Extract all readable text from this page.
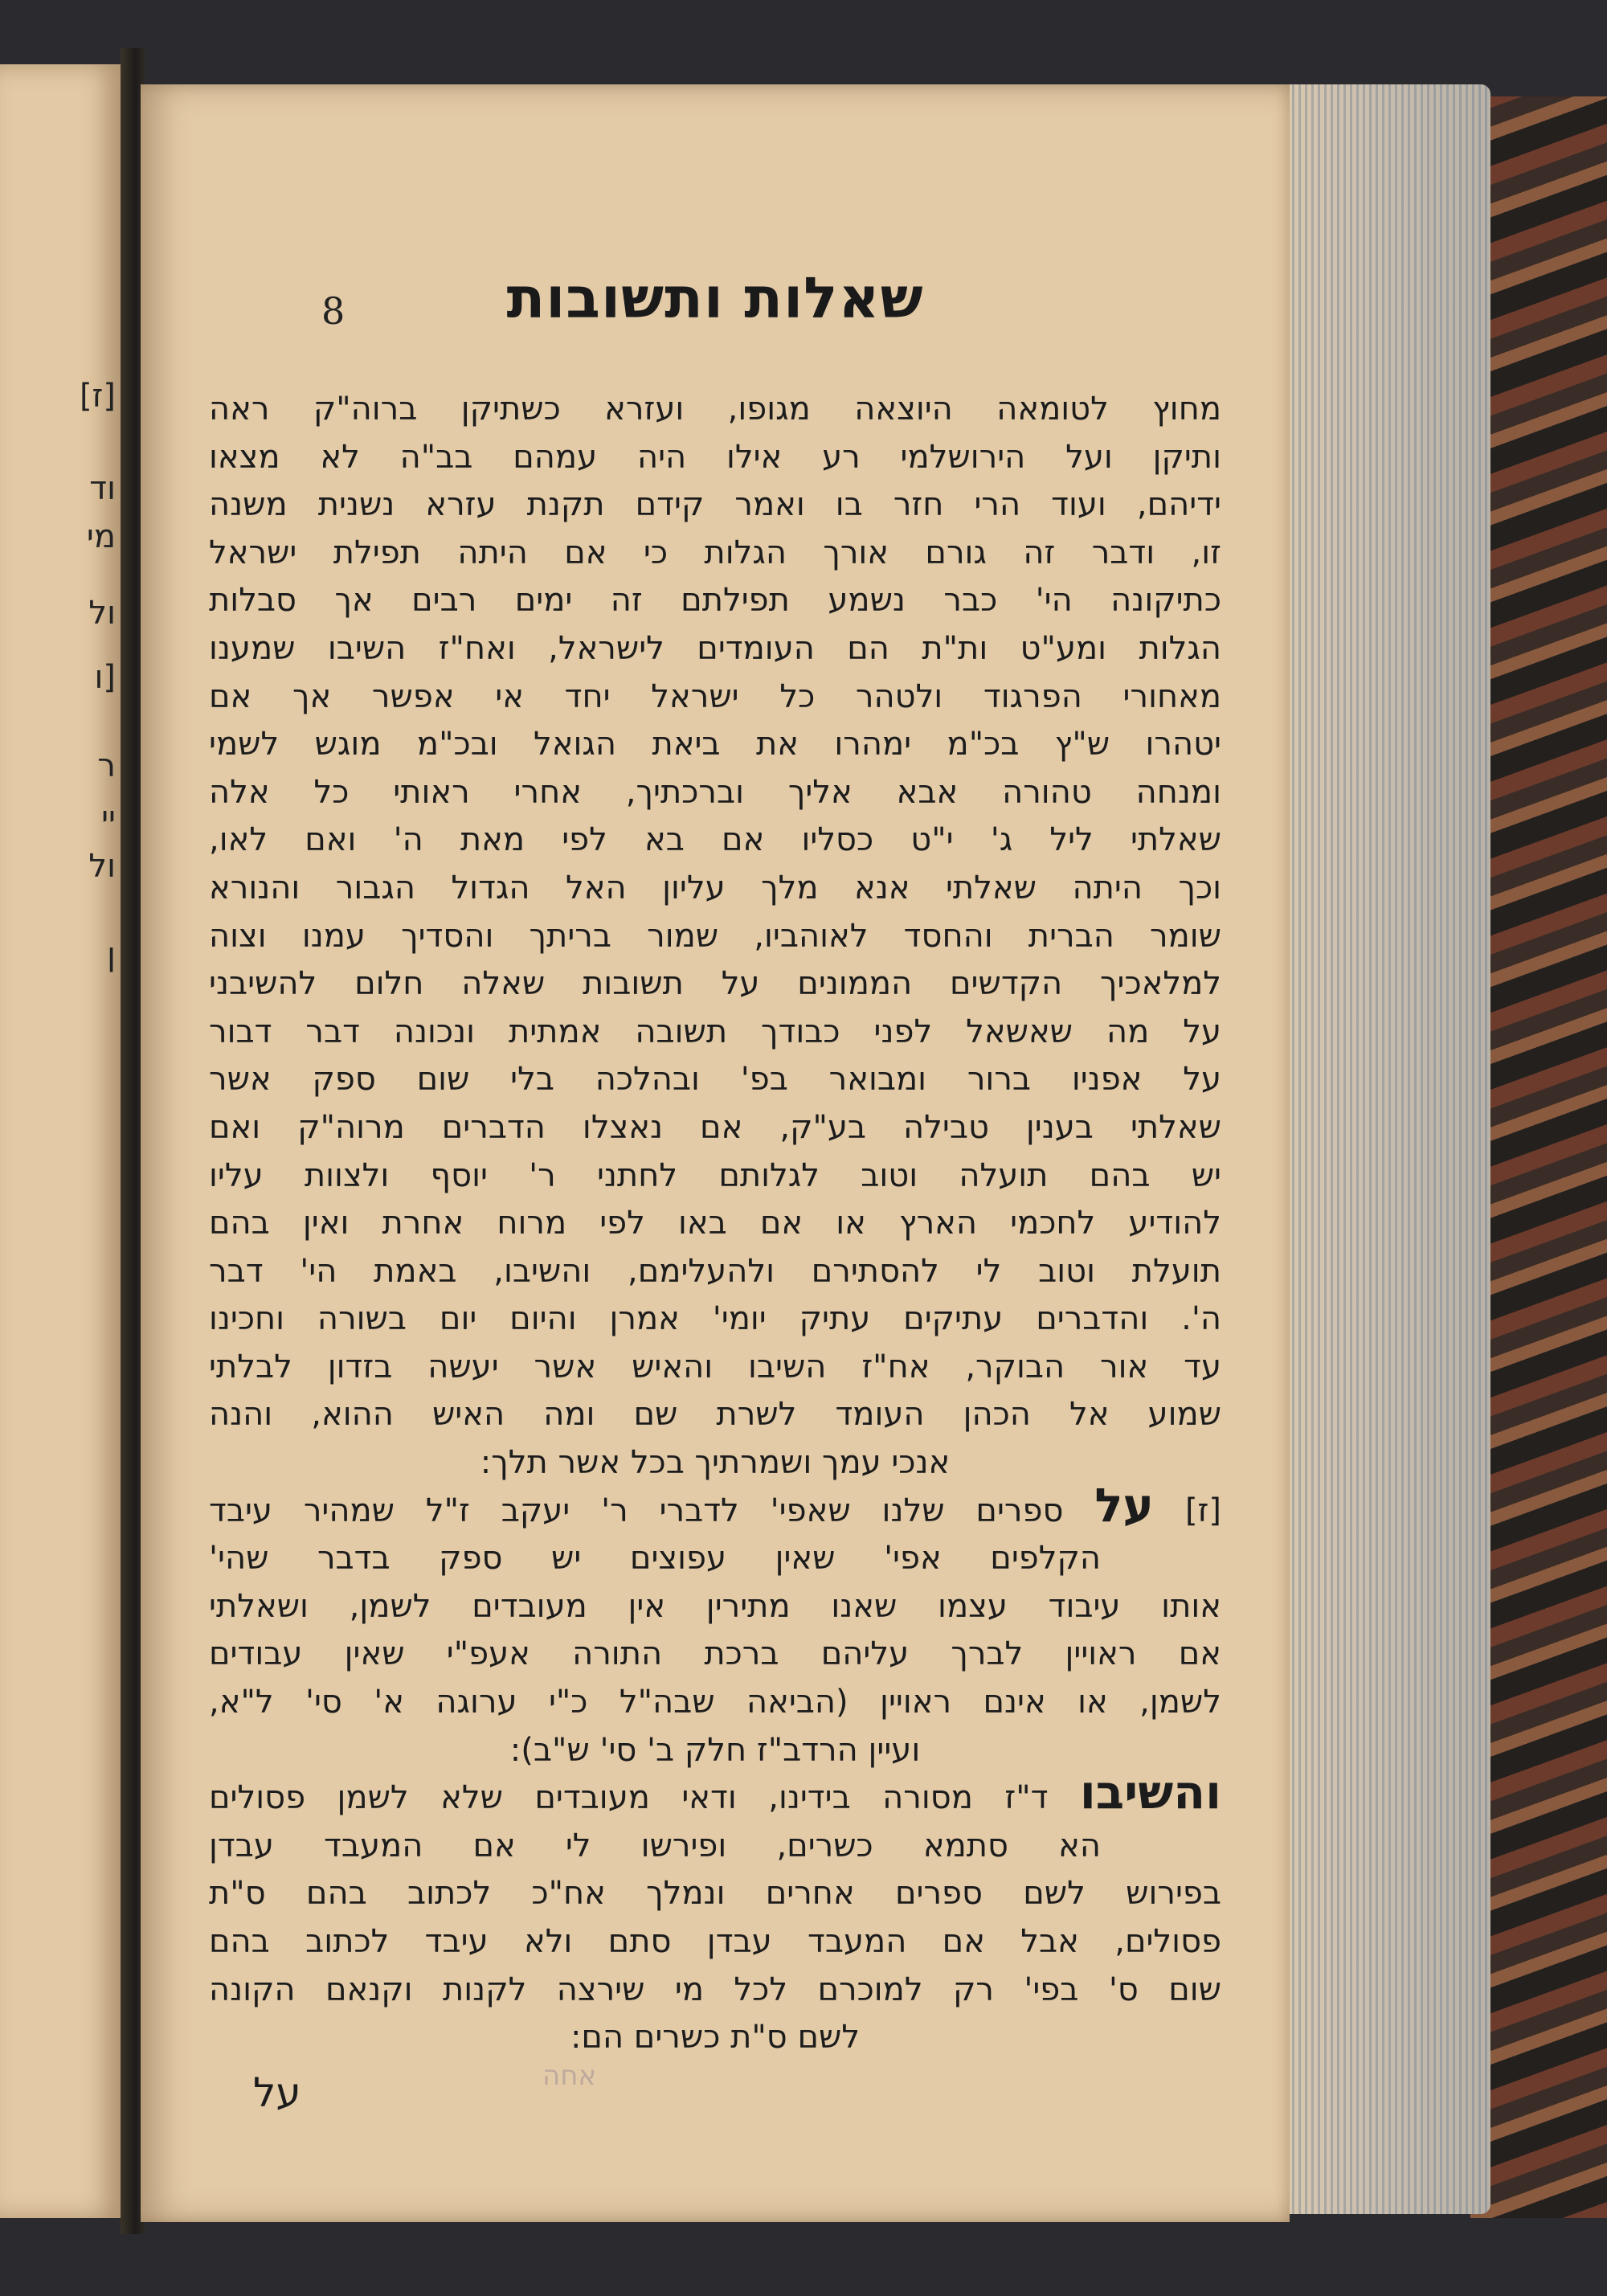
[ז]
וד
מי
ול
[ו
ר
יי
ול
ן
8	שאלות ותשובות
מחוץ לטומאה היוצאה מגופו, ועזרא כשתיקן ברוה"ק ראה
ותיקן ועל הירושלמי רע אילו היה עמהם בב"ה לא מצאו
ידיהם, ועוד הרי חזר בו ואמר קידם תקנת עזרא נשנית משנה
זו, ודבר זה גורם אורך הגלות כי אם היתה תפילת ישראל
כתיקונה הי' כבר נשמע תפילתם זה ימים רבים אך סבלות
הגלות ומע"ט ות"ת הם העומדים לישראל, ואח"ז השיבו שמענו
מאחורי הפרגוד ולטהר כל ישראל יחד אי אפשר אך אם
יטהרו ש"ץ בכ"מ ימהרו את ביאת הגואל ובכ"מ מוגש לשמי
ומנחה טהורה אבא אליך וברכתיך, אחרי ראותי כל אלה
שאלתי ליל ג' י"ט כסליו אם בא לפי מאת ה' ואם לאו,
וכך היתה שאלתי אנא מלך עליון האל הגדול הגבור והנורא
שומר הברית והחסד לאוהביו, שמור בריתך והסדיך עמנו וצוה
למלאכיך הקדשים הממונים על תשובות שאלה חלום להשיבני
על מה שאשאל לפני כבודך תשובה אמתית ונכונה דבר דבור
על אפניו ברור ומבואר בפ' ובהלכה בלי שום ספק אשר
שאלתי בענין טבילה בע"ק, אם נאצלו הדברים מרוה"ק ואם
יש בהם תועלה וטוב לגלותם לחתני ר' יוסף ולצוות עליו
להודיע לחכמי הארץ או אם באו לפי מרוח אחרת ואין בהם
תועלת וטוב לי להסתירם ולהעלימם, והשיבו, באמת הי' דבר
ה'. והדברים עתיקים עתיק יומי' אמרן והיום יום בשורה וחכינו
עד אור הבוקר, אח"ז השיבו והאיש אשר יעשה בזדון לבלתי
שמוע אל הכהן העומד לשרת שם ומה האיש ההוא, והנה
אנכי עמך ושמרתיך בכל אשר תלך:
[ז] על ספרים שלנו שאפי' לדברי ר' יעקב ז"ל שמהיר עיבד
הקלפים אפי' שאין עפוצים יש ספק בדבר שהי'
אותו עיבוד עצמו שאנו מתירין אין מעובדים לשמן, ושאלתי
אם ראויין לברך עליהם ברכת התורה אעפ"י שאין עבודים
לשמן, או אינם ראויין (הביאה שבה"ל כ"י ערוגה א' סי' ל"א,
ועיין הרדב"ז חלק ב' סי' ש"ב):
והשיבו ד"ז מסורה בידינו, ודאי מעובדים שלא לשמן פסולים
הא סתמא כשרים, ופירשו לי אם המעבד עבדן
בפירוש לשם ספרים אחרים ונמלך אח"כ לכתוב בהם ס"ת
פסולים, אבל אם המעבד עבדן סתם ולא עיבד לכתוב בהם
שום ס' בפי' רק למוכרם לכל מי שירצה לקנות וקנאם הקונה
לשם ס"ת כשרים הם:
אחה
על
